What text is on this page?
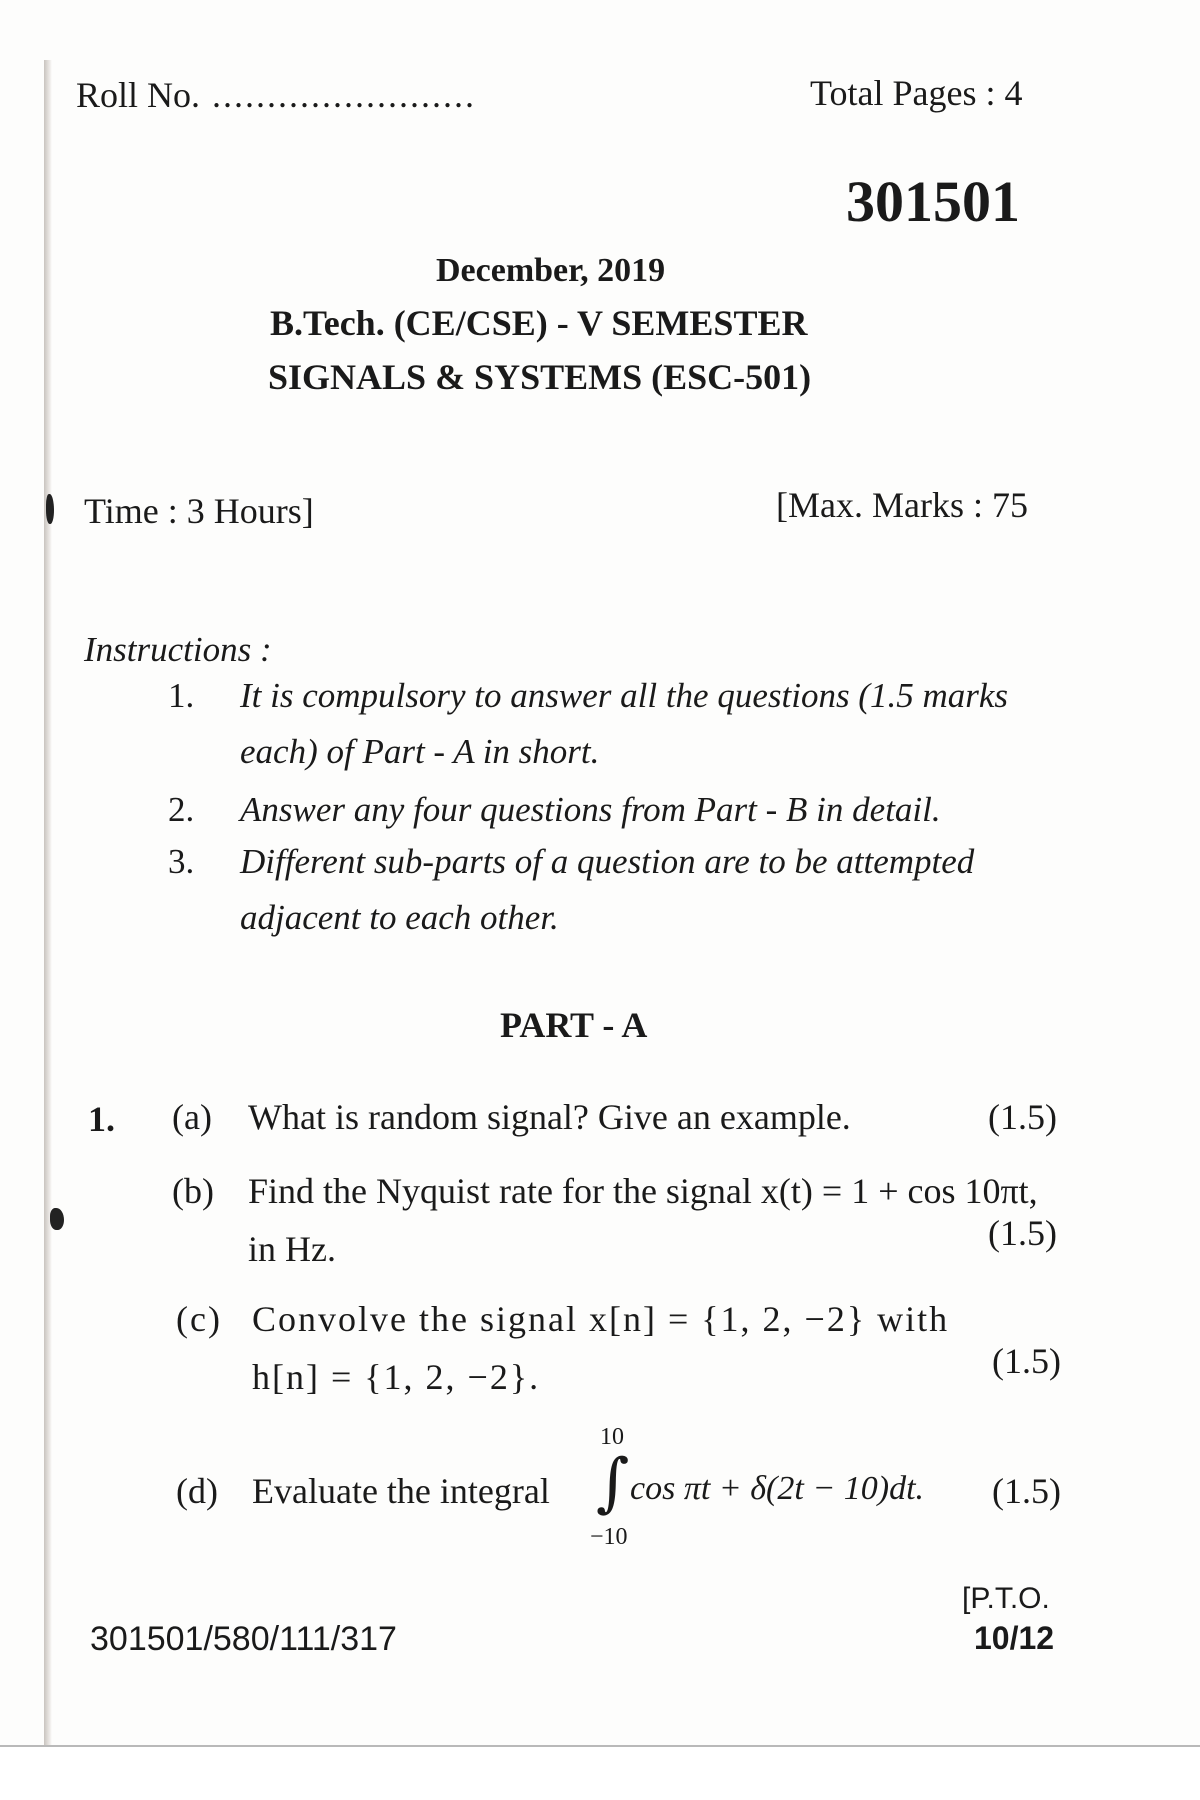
Roll No. ........................	Total Pages : 4
301501
December, 2019
B.Tech. (CE/CSE) - V SEMESTER
SIGNALS & SYSTEMS (ESC-501)
Time : 3 Hours]	[Max. Marks : 75
Instructions :
1. It is compulsory to answer all the questions (1.5 marks each) of Part - A in short.
2. Answer any four questions from Part - B in detail.
3. Different sub-parts of a question are to be attempted adjacent to each other.
PART - A
1. (a) What is random signal? Give an example.	(1.5)
(b) Find the Nyquist rate for the signal x(t) = 1 + cos 10πt,
in Hz.	(1.5)
(c) Convolve the signal x[n] = {1, 2, −2} with
h[n] = {1, 2, −2}.	(1.5)
(d) Evaluate the integral
10
∫
−10
cos πt + δ(2t − 10)dt. (1.5)
301501/580/111/317
[P.T.O.
10/12
